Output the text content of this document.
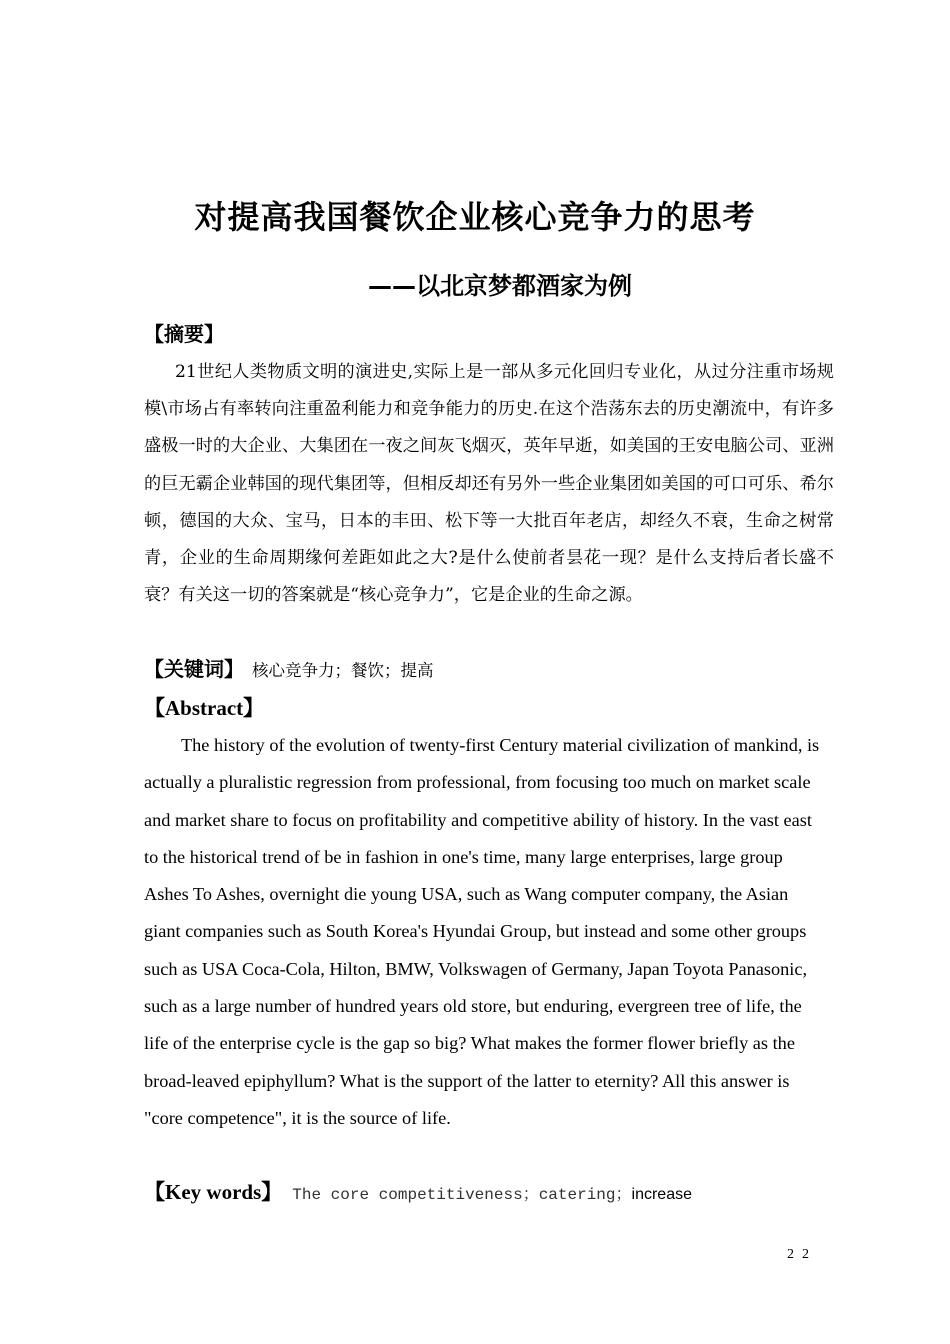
对提高我国餐饮企业核心竞争力的思考
——以北京梦都酒家为例

【摘要】

21世纪人类物质文明的演进史,实际上是一部从多元化回归专业化，从过分注重市场规模\市场占有率转向注重盈利能力和竞争能力的历史.在这个浩荡东去的历史潮流中，有许多盛极一时的大企业、大集团在一夜之间灰飞烟灭，英年早逝，如美国的王安电脑公司、亚洲的巨无霸企业韩国的现代集团等，但相反却还有另外一些企业集团如美国的可口可乐、希尔顿，德国的大众、宝马，日本的丰田、松下等一大批百年老店，却经久不衰，生命之树常青，企业的生命周期缘何差距如此之大?是什么使前者昙花一现？是什么支持后者长盛不衰？有关这一切的答案就是“核心竞争力”，它是企业的生命之源。

【关键词】 核心竞争力；餐饮；提高

【Abstract】

The history of the evolution of twenty-first Century material civilization of mankind, is actually a pluralistic regression from professional, from focusing too much on market scale and market share to focus on profitability and competitive ability of history. In the vast east to the historical trend of be in fashion in one's time, many large enterprises, large group Ashes To Ashes, overnight die young USA, such as Wang computer company, the Asian giant companies such as South Korea's Hyundai Group, but instead and some other groups such as USA Coca-Cola, Hilton, BMW, Volkswagen of Germany, Japan Toyota Panasonic, such as a large number of hundred years old store, but enduring, evergreen tree of life, the life of the enterprise cycle is the gap so big? What makes the former flower briefly as the broad-leaved epiphyllum? What is the support of the latter to eternity? All this answer is "core competence", it is the source of life.

【Key words】 The core competitiveness；catering；increase

22
